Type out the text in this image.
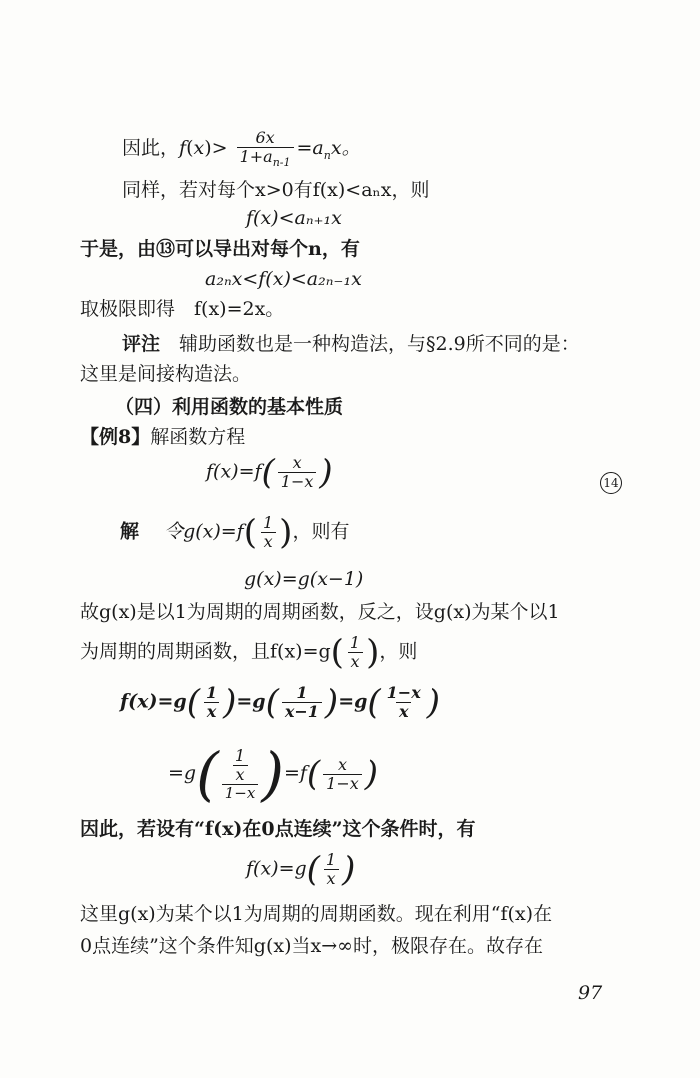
因此，$f(x)> \frac{6x}{1+a_{n-1}} =a_nx$。
同样，若对每个x>0有f(x)<aₙx，则
f(x)<aₙ₊₁x
于是，由⑬可以导出对每个n，有
a₂ₙx<f(x)<a₂ₙ₋₁x
取极限即得　f(x)=2x。
评注　辅助函数也是一种构造法，与§2.9所不同的是：
这里是间接构造法。
（四）利用函数的基本性质
【例8】解函数方程
$f(x)=f( \frac{x}{1-x}$ )	14
解　 令$g(x)=f( \frac{1}{x}$ )，则有
g(x)=g(x−1)
故g(x)是以1为周期的周期函数，反之，设g(x)为某个以1
为周期的周期函数，且$f(x)=g( \frac{1}{x}$ )，则
$f(x)=g( \frac{1}{x} )=g( \frac{1}{x-1} )=g( \frac{1-x}{x}$ )
$=g( \frac{\frac{1}{x}}{1-x} )=f( \frac{x}{1-x}$ )
因此，若设有“f(x)在0点连续”这个条件时，有
$f(x)=g( \frac{1}{x}$ )
这里g(x)为某个以1为周期的周期函数。现在利用“f(x)在
0点连续”这个条件知g(x)当x→∞时，极限存在。故存在
97
